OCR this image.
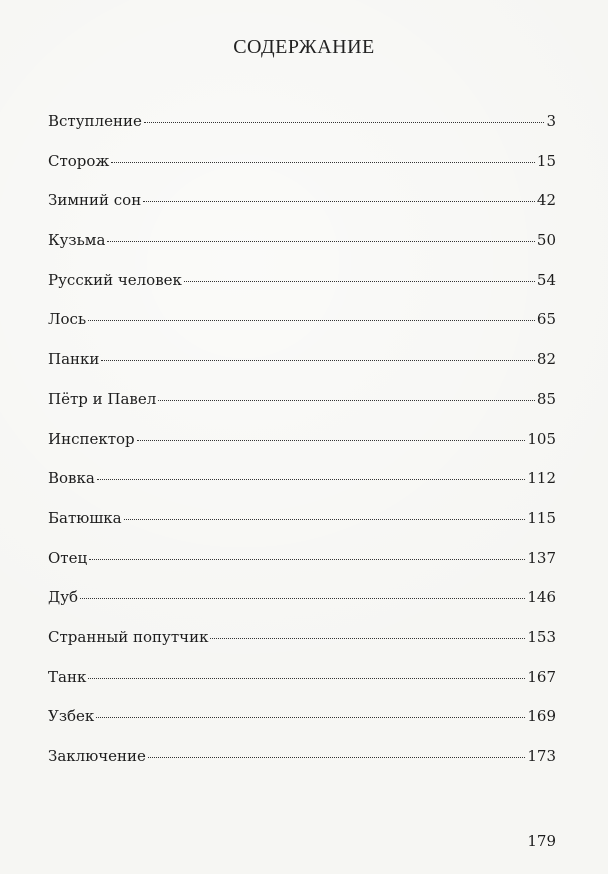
СОДЕРЖАНИЕ
Вступление	3
Сторож	15
Зимний сон	42
Кузьма	50
Русский человек	54
Лось	65
Панки	82
Пётр и Павел	85
Инспектор	105
Вовка	112
Батюшка	115
Отец	137
Дуб	146
Странный попутчик	153
Танк	167
Узбек	169
Заключение	173
179
